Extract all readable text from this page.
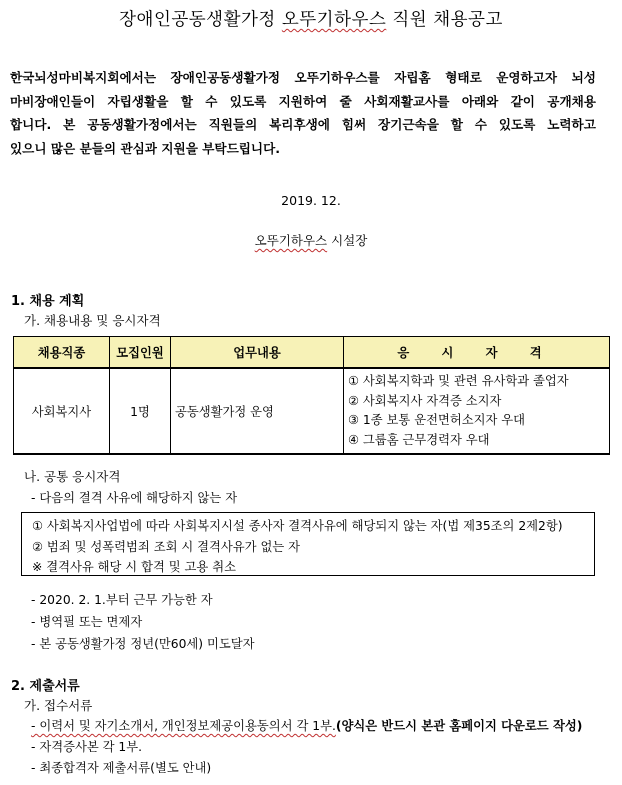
장애인공동생활가정 오뚜기하우스 직원 채용공고
한국뇌성마비복지회에서는 장애인공동생활가정 오뚜기하우스를 자립홈 형태로 운영하고자 뇌성
마비장애인들이 자립생활을 할 수 있도록 지원하여 줄 사회재활교사를 아래와 같이 공개채용
합니다. 본 공동생활가정에서는 직원들의 복리후생에 힘써 장기근속을 할 수 있도록 노력하고
있으니 많은 분들의 관심과 지원을 부탁드립니다.
2019. 12.
오뚜기하우스 시설장
1. 채용 계획
가. 채용내용 및 응시자격
채용직종	모집인원	업무내용	응 시 자 격
사회복지사	1명	공동생활가정 운영	① 사회복지학과 및 관련 유사학과 졸업자
② 사회복지사 자격증 소지자
③ 1종 보통 운전면허소지자 우대
④ 그룹홈 근무경력자 우대
나. 공통 응시자격
- 다음의 결격 사유에 해당하지 않는 자
① 사회복지사업법에 따라 사회복지시설 종사자 결격사유에 해당되지 않는 자(법 제35조의 2제2항)
② 범죄 및 성폭력범죄 조회 시 결격사유가 없는 자
※ 결격사유 해당 시 합격 및 고용 취소
- 2020. 2. 1.부터 근무 가능한 자
- 병역필 또는 면제자
- 본 공동생활가정 정년(만60세) 미도달자
2. 제출서류
가. 접수서류
- 이력서 및 자기소개서, 개인정보제공이용동의서 각 1부.(양식은 반드시 본관 홈페이지 다운로드 작성)
- 자격증사본 각 1부.
- 최종합격자 제출서류(별도 안내)
